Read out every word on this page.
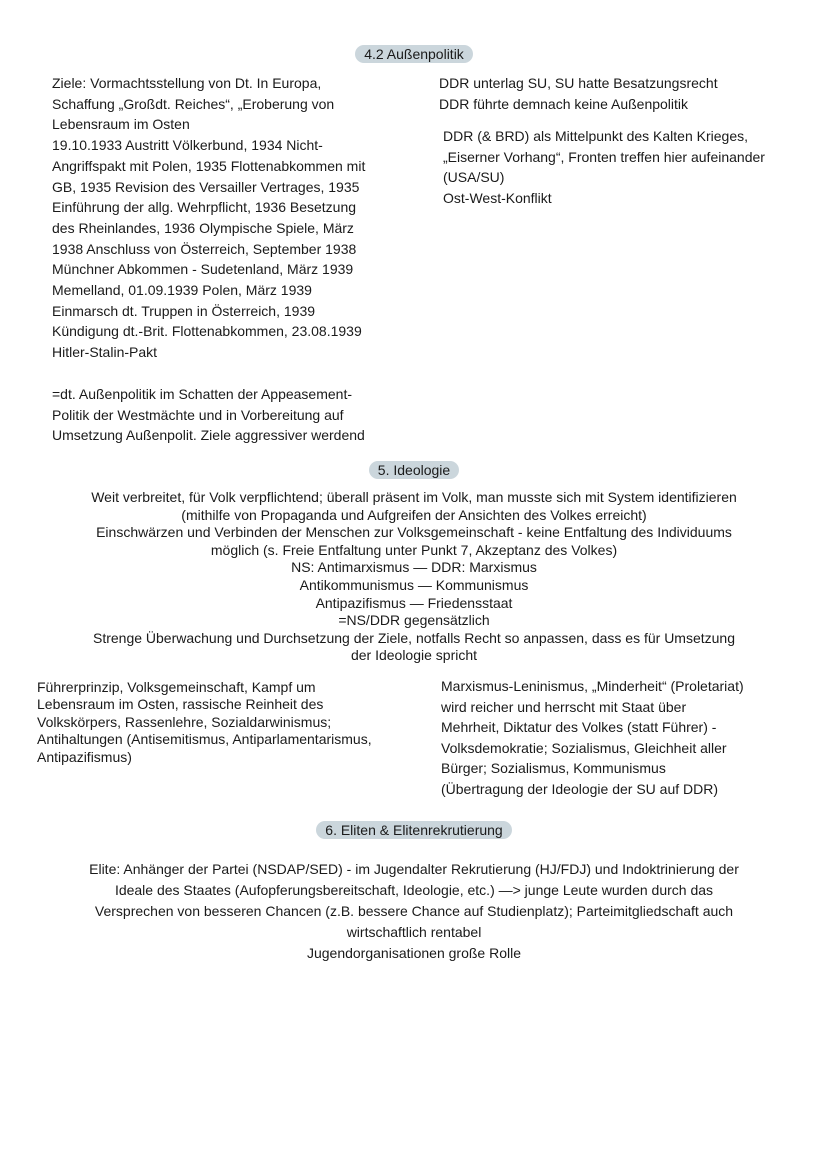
4.2 Außenpolitik
Ziele: Vormachtsstellung von Dt. In Europa,
Schaffung „Großdt. Reiches“, „Eroberung von
Lebensraum im Osten
19.10.1933 Austritt Völkerbund, 1934 Nicht-
Angriffspakt mit Polen, 1935 Flottenabkommen mit
GB, 1935 Revision des Versailler Vertrages, 1935
Einführung der allg. Wehrpflicht, 1936 Besetzung
des Rheinlandes, 1936 Olympische Spiele, März
1938 Anschluss von Österreich, September 1938
Münchner Abkommen - Sudetenland, März 1939
Memelland, 01.09.1939 Polen, März 1939
Einmarsch dt. Truppen in Österreich, 1939
Kündigung dt.-Brit. Flottenabkommen, 23.08.1939
Hitler-Stalin-Pakt
=dt. Außenpolitik im Schatten der Appeasement-
Politik der Westmächte und in Vorbereitung auf
Umsetzung Außenpolit. Ziele aggressiver werdend
DDR unterlag SU, SU hatte Besatzungsrecht
DDR führte demnach keine Außenpolitik
DDR (& BRD) als Mittelpunkt des Kalten Krieges,
„Eiserner Vorhang“, Fronten treffen hier aufeinander
(USA/SU)
Ost-West-Konflikt
5. Ideologie
Weit verbreitet, für Volk verpflichtend; überall präsent im Volk, man musste sich mit System identifizieren
(mithilfe von Propaganda und Aufgreifen der Ansichten des Volkes erreicht)
Einschwärzen und Verbinden der Menschen zur Volksgemeinschaft - keine Entfaltung des Individuums
möglich (s. Freie Entfaltung unter Punkt 7, Akzeptanz des Volkes)
NS: Antimarxismus — DDR: Marxismus
Antikommunismus — Kommunismus
Antipazifismus — Friedensstaat
=NS/DDR gegensätzlich
Strenge Überwachung und Durchsetzung der Ziele, notfalls Recht so anpassen, dass es für Umsetzung
der Ideologie spricht
Führerprinzip, Volksgemeinschaft, Kampf um
Lebensraum im Osten, rassische Reinheit des
Volkskörpers, Rassenlehre, Sozialdarwinismus;
Antihaltungen (Antisemitismus, Antiparlamentarismus,
Antipazifismus)
Marxismus-Leninismus, „Minderheit“ (Proletariat)
wird reicher und herrscht mit Staat über
Mehrheit, Diktatur des Volkes (statt Führer) -
Volksdemokratie; Sozialismus, Gleichheit aller
Bürger; Sozialismus, Kommunismus
(Übertragung der Ideologie der SU auf DDR)
6. Eliten & Elitenrekrutierung
Elite: Anhänger der Partei (NSDAP/SED) - im Jugendalter Rekrutierung (HJ/FDJ) und Indoktrinierung der
Ideale des Staates (Aufopferungsbereitschaft, Ideologie, etc.) —> junge Leute wurden durch das
Versprechen von besseren Chancen (z.B. bessere Chance auf Studienplatz); Parteimitgliedschaft auch
wirtschaftlich rentabel
Jugendorganisationen große Rolle
